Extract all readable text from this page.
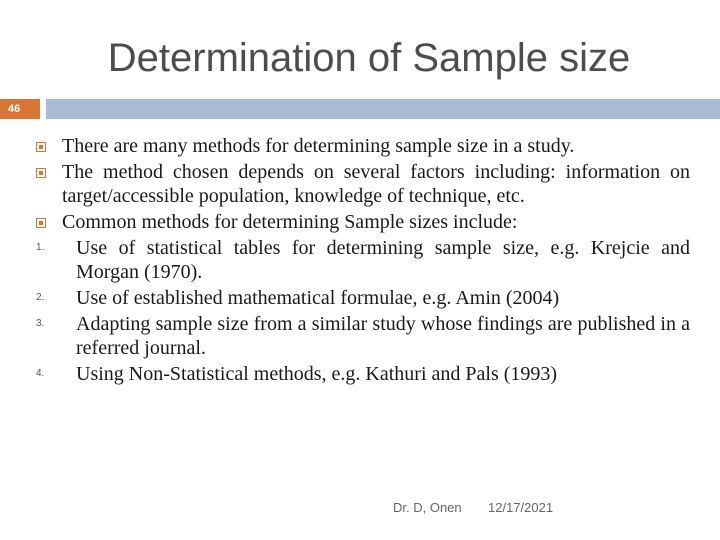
Determination of Sample size
46
There are many methods for determining sample size in a study.
The method chosen depends on several factors including: information on target/accessible population, knowledge of technique, etc.
Common methods for determining Sample sizes include:
1. Use of statistical tables for determining sample size, e.g. Krejcie and Morgan (1970).
2. Use of established mathematical formulae, e.g. Amin (2004)
3. Adapting sample size from a similar study whose findings are published in a referred journal.
4. Using Non-Statistical methods, e.g. Kathuri and Pals (1993)
Dr. D, Onen 12/17/2021
